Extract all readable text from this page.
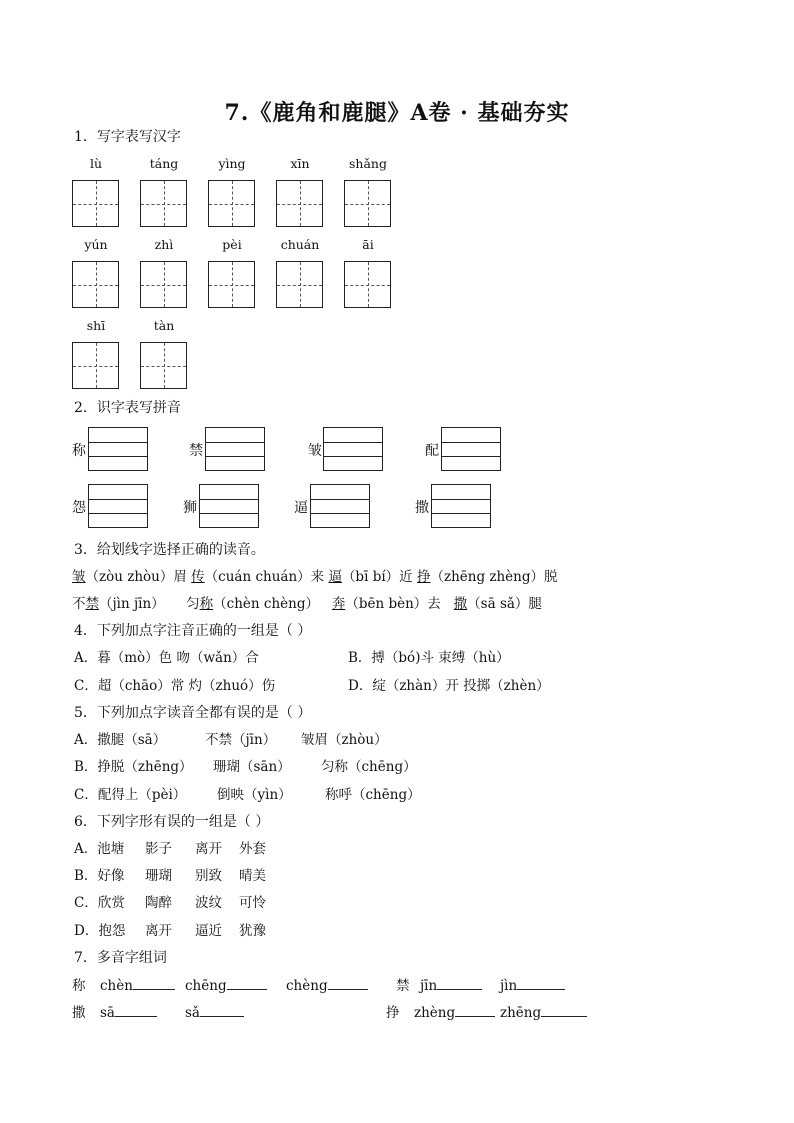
7.《鹿角和鹿腿》A卷 · 基础夯实
1．写字表写汉字
lù	táng	yìng	xīn	shǎng
yún	zhì	pèi	chuán	āi
shī	tàn
2．识字表写拼音
称	禁	皱	配
怨	狮	逼	撒
3．给划线字选择正确的读音。
皱（zòu zhòu）眉 传（cuán chuán）来 逼（bī bí）近 挣（zhēng zhèng）脱
不禁（jìn jīn） 匀称（chèn chèng） 奔（bēn bèn）去 撒（sā sǎ）腿
4．下列加点字注音正确的一组是（ ）
A．暮（mò）色 吻（wǎn）合	B．搏（bó)斗 束缚（hù）
C．超（chāo）常 灼（zhuó）伤	D．绽（zhàn）开 投掷（zhèn）
5．下列加点字读音全都有误的是（ ）
A．撒腿（sā）	不禁（jīn） 皱眉（zhòu）
B．挣脱（zhēng） 珊瑚（sān） 匀称（chēng）
C．配得上（pèi） 倒映（yìn） 称呼（chēng）
6．下列字形有误的一组是（ ）
A．池塘 影子 离开 外套
B．好像 珊瑚 别致 晴美
C．欣赏 陶醉 波纹 可怜
D．抱怨 离开 逼近 犹豫
7．多音字组词
称 chèn	chēng	chèng	禁 jīn	jìn
撒 sā	sǎ	挣 zhèng	zhēng
